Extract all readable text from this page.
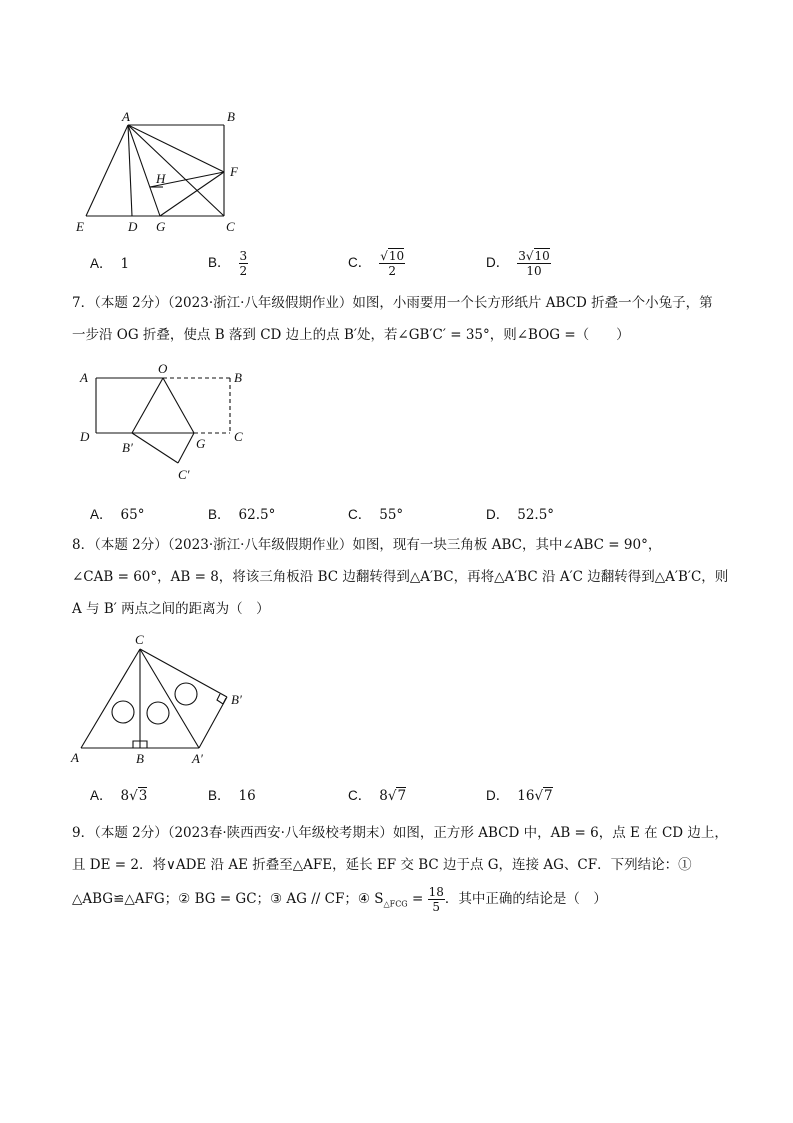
A	B
C
D
E
F
G
H
A． 1	B． $\frac{3}{2}$	C． $\frac{√10}{2}$	D． $\frac{3√10}{10}$
7．（本题 2分）（2023·浙江·八年级假期作业）如图，小雨要用一个长方形纸片 ABCD 折叠一个小兔子，第
一步沿 OG 折叠，使点 B 落到 CD 边上的点 B′处，若∠GB′C′ = 35°，则∠BOG =（　　）
A
O
B
D
B′	G C
C′
A． 65°	B． 62.5°	C． 55°	D． 52.5°
8．（本题 2分）（2023·浙江·八年级假期作业）如图，现有一块三角板 ABC，其中∠ABC = 90°，
∠CAB = 60°，AB = 8，将该三角板沿 BC 边翻转得到△A′BC，再将△A′BC 沿 A′C 边翻转得到△A′B′C，则
A 与 B′ 两点之间的距离为（　）
C
B′
A	B	A′
A． 8√3	B． 16	C． 8√7	D． 16√7
9．（本题 2分）（2023春·陕西西安·八年级校考期末）如图，正方形 ABCD 中，AB = 6，点 E 在 CD 边上，
且 DE = 2．将∨ADE 沿 AE 折叠至△AFE，延长 EF 交 BC 边于点 G，连接 AG、CF．下列结论：①
△ABG≌△AFG；② BG = GC；③ AG // CF；④ $S_{\triangle FCG} = \frac{18}{5}$ ．其中正确的结论是（　）
